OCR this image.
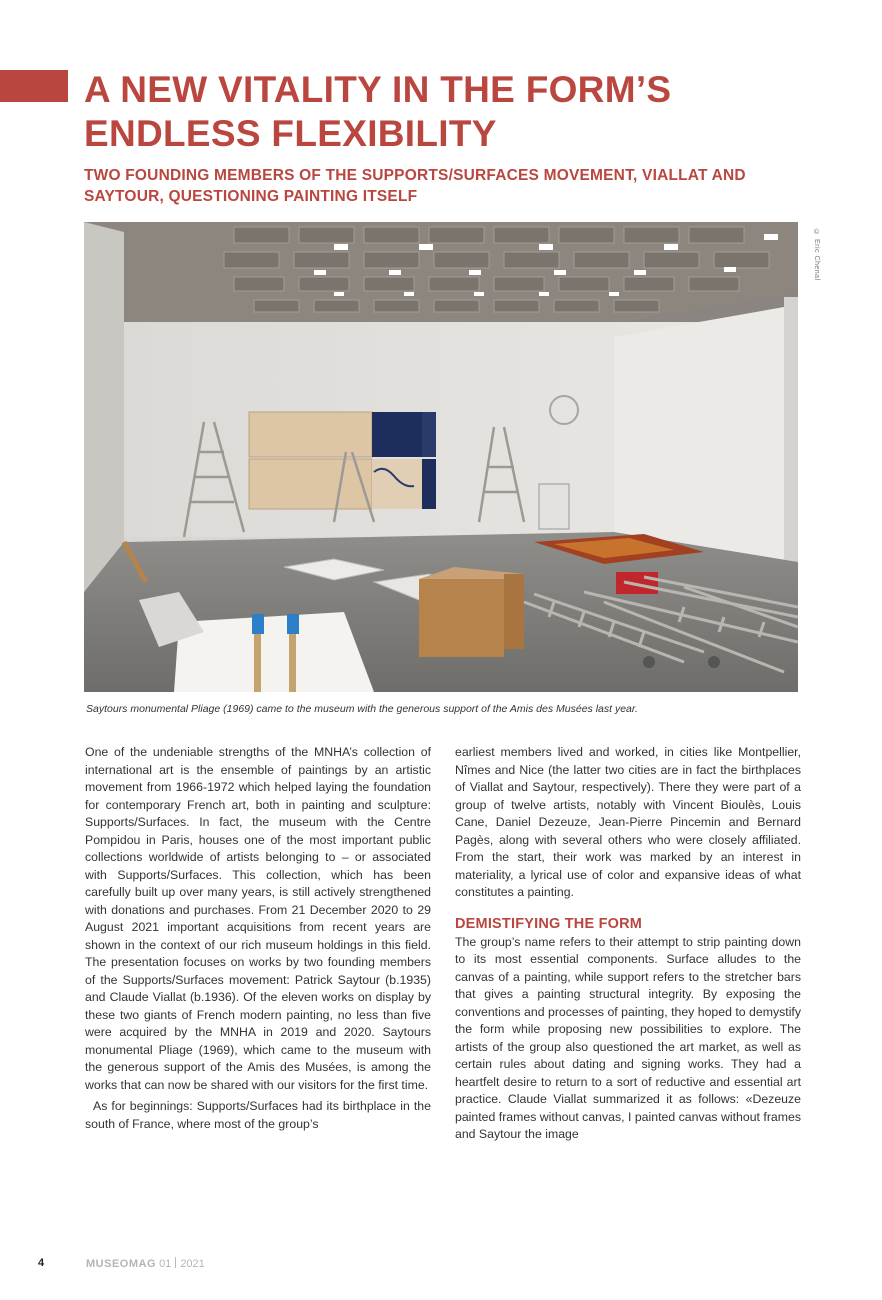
A NEW VITALITY IN THE FORM’S ENDLESS FLEXIBILITY
TWO FOUNDING MEMBERS OF THE SUPPORTS/SURFACES MOVEMENT, VIALLAT AND SAYTOUR, QUESTIONING PAINTING ITSELF
© Eric Chenal

Saytours monumental Pliage (1969) came to the museum with the generous support of the Amis des Musées last year.

One of the undeniable strengths of the MNHA’s collection of international art is the ensemble of paintings by an artistic movement from 1966-1972 which helped laying the foundation for contemporary French art, both in painting and sculpture: Supports/Surfaces. In fact, the museum with the Centre Pompidou in Paris, houses one of the most important public collections worldwide of artists belonging to – or associated with Supports/Surfaces. This collection, which has been carefully built up over many years, is still actively strengthened with donations and purchases. From 21 December 2020 to 29 August 2021 important acquisitions from recent years are shown in the context of our rich museum holdings in this field. The presentation focuses on works by two founding members of the Supports/Surfaces movement: Patrick Saytour (b.1935) and Claude Viallat (b.1936). Of the eleven works on display by these two giants of French modern painting, no less than five were acquired by the MNHA in 2019 and 2020. Saytours monumental Pliage (1969), which came to the museum with the generous support of the Amis des Musées, is among the works that can now be shared with our visitors for the first time.

As for beginnings: Supports/Surfaces had its birthplace in the south of France, where most of the group’s

earliest members lived and worked, in cities like Montpellier, Nîmes and Nice (the latter two cities are in fact the birthplaces of Viallat and Saytour, respectively). There they were part of a group of twelve artists, notably with Vincent Bioulès, Louis Cane, Daniel Dezeuze, Jean-Pierre Pincemin and Bernard Pagès, along with several others who were closely affiliated. From the start, their work was marked by an interest in materiality, a lyrical use of color and expansive ideas of what constitutes a painting.

DEMISTIFYING THE FORM

The group’s name refers to their attempt to strip painting down to its most essential components. Surface alludes to the canvas of a painting, while support refers to the stretcher bars that gives a painting structural integrity. By exposing the conventions and processes of painting, they hoped to demystify the form while proposing new possibilities to explore. The artists of the group also questioned the art market, as well as certain rules about dating and signing works. They had a heartfelt desire to return to a sort of reductive and essential art practice. Claude Viallat summarized it as follows: «Dezeuze painted frames without canvas, I painted canvas without frames and Saytour the image

4	MUSEOMAG 01 2021
